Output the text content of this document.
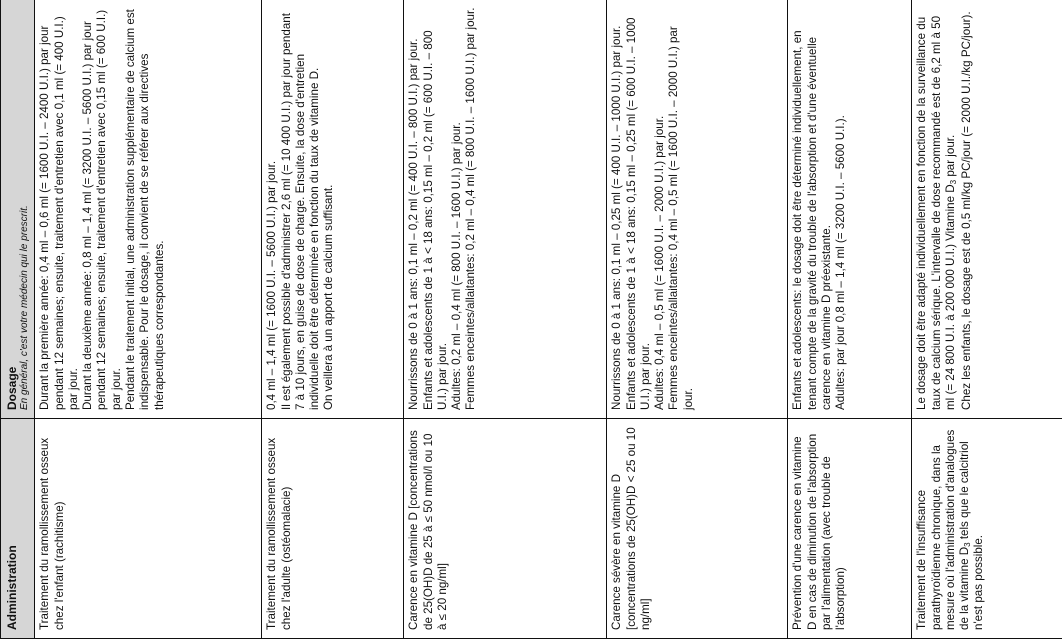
Administration	Dosage En général, c'est votre médecin qui le prescrit.

Traitement du ramollissement osseux chez l'enfant (rachitisme)	Durant la première année: 0,4 ml – 0,6 ml (= 1600 U.I. – 2400 U.I.) par jour pendant 12 semaines; ensuite, traitement d'entretien avec 0,1 ml (= 400 U.I.) par jour. Durant la deuxième année: 0,8 ml – 1,4 ml (= 3200 U.I. – 5600 U.I.) par jour pendant 12 semaines; ensuite, traitement d'entretien avec 0,15 ml (= 600 U.I.) par jour. Pendant le traitement initial, une administration supplémentaire de calcium est indispensable. Pour le dosage, il convient de se référer aux directives thérapeutiques correspondantes.

Traitement du ramollissement osseux chez l'adulte (ostéomalacie)	0,4 ml – 1,4 ml (= 1600 U.I. – 5600 U.I.) par jour. Il est également possible d'administrer 2,6 ml (= 10 400 U.I.) par jour pendant 7 à 10 jours, en guise de dose de charge. Ensuite, la dose d'entretien individuelle doit être déterminée en fonction du taux de vitamine D. On veillera à un apport de calcium suffisant.

Carence en vitamine D [concentrations de 25(OH)D de 25 à ≤ 50 nmol/l ou 10 à ≤ 20 ng/ml]	Nourrissons de 0 à 1 ans: 0,1 ml – 0,2 ml (= 400 U.I. – 800 U.I.) par jour. Enfants et adolescents de 1 à < 18 ans: 0,15 ml – 0,2 ml (= 600 U.I. – 800 U.I.) par jour. Adultes: 0,2 ml – 0,4 ml (= 800 U.I. – 1600 U.I.) par jour. Femmes enceintes/allaitantes: 0,2 ml – 0,4 ml (= 800 U.I. – 1600 U.I.) par jour.

Carence sévère en vitamine D [concentrations de 25(OH)D < 25 ou 10 ng/ml]	Nourrissons de 0 à 1 ans: 0,1 ml – 0,25 ml (= 400 U.I. – 1000 U.I.) par jour. Enfants et adolescents de 1 à < 18 ans: 0,15 ml – 0,25 ml (= 600 U.I. – 1000 U.I.) par jour. Adultes: 0,4 ml – 0,5 ml (= 1600 U.I. – 2000 U.I.) par jour. Femmes enceintes/allaitantes: 0,4 ml – 0,5 ml (= 1600 U.I. – 2000 U.I.) par jour.

Prévention d'une carence en vitamine D en cas de diminution de l'absorption par l'alimentation (avec trouble de l'absorption)	Enfants et adolescents: le dosage doit être déterminé individuellement, en tenant compte de la gravité du trouble de l'absorption et d'une éventuelle carence en vitamine D préexistante. Adultes: par jour 0,8 ml – 1,4 ml (= 3200 U.I. – 5600 U.I.).

Traitement de l'insuffisance parathyroïdienne chronique, dans la mesure où l'administration d'analogues de la vitamine $D_3$ tels que le calcitriol n'est pas possible.	Le dosage doit être adapté individuellement en fonction de la surveillance du taux de calcium sérique. L'intervalle de dose recommandé est de 6,2 ml à 50 ml (= 24 800 U.I. à 200 000 U.I.) Vitamine $D_3$ par jour. Chez les enfants, le dosage est de 0,5 ml/kg PC/jour (= 2000 U.I./kg PC/jour).
